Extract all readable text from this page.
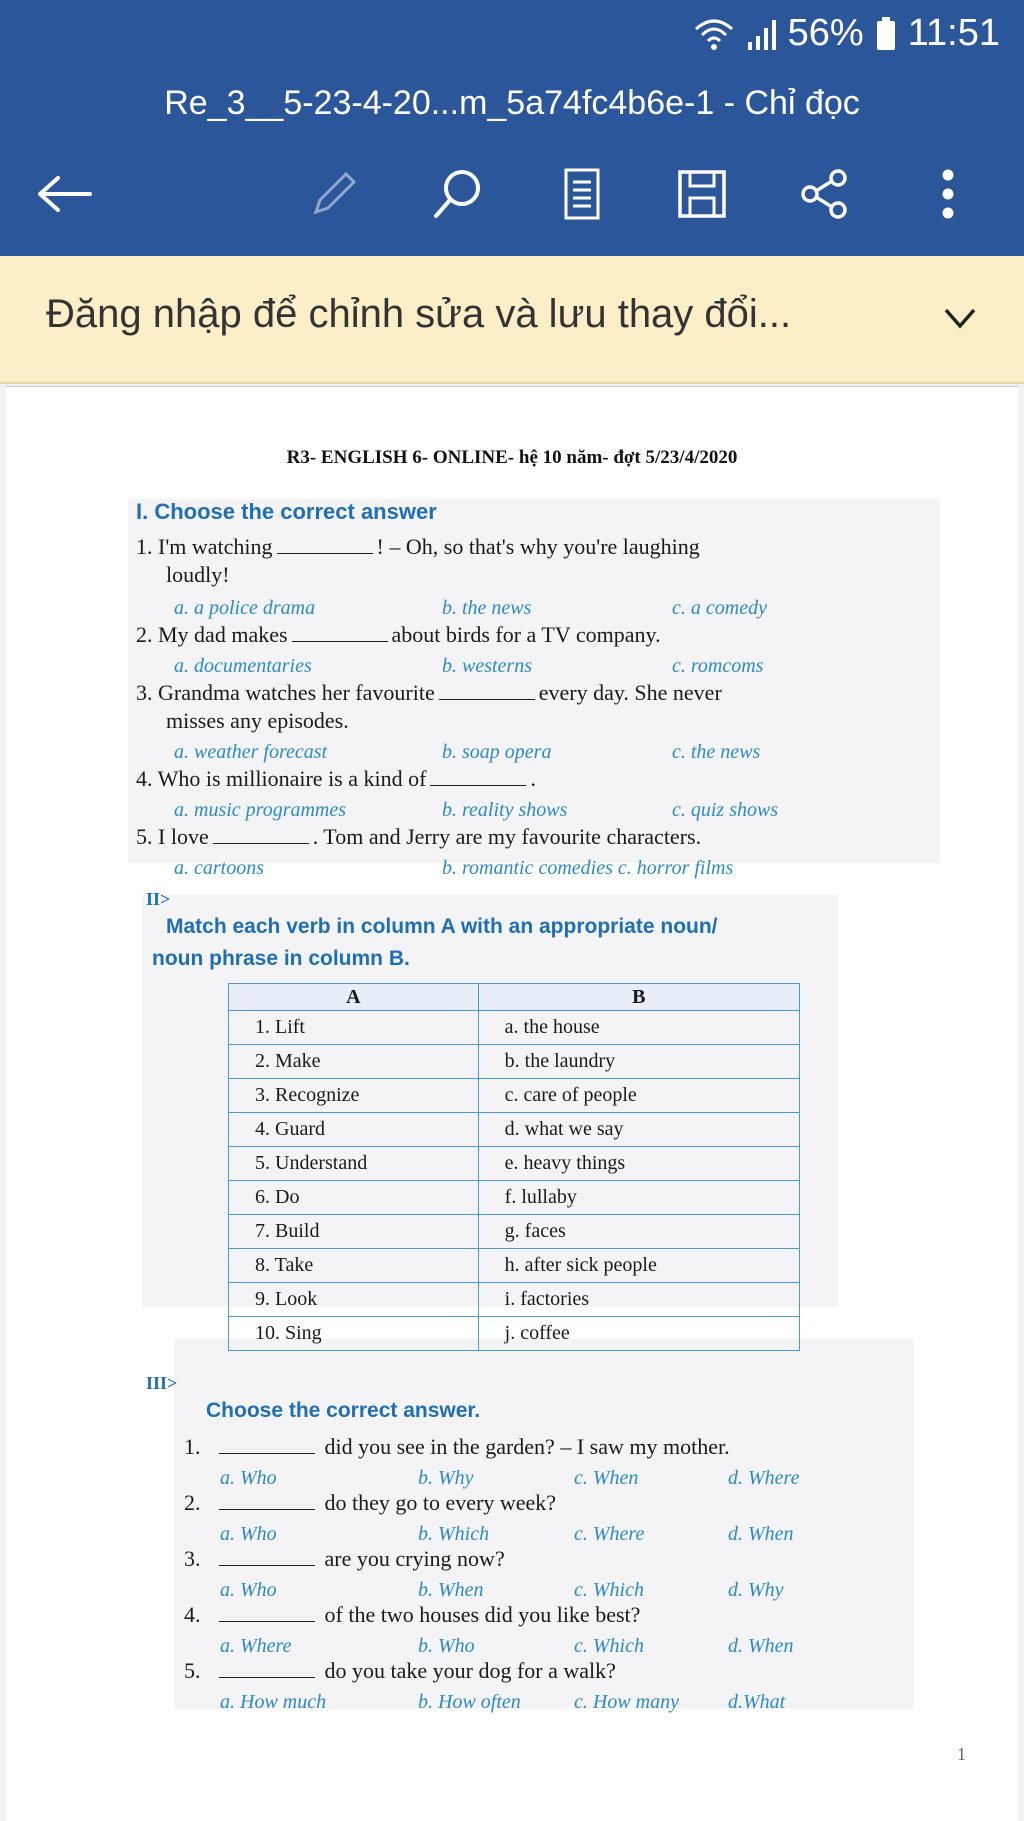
56% 11:51
Re_3__5-23-4-20...m_5a74fc4b6e-1 - Chỉ đọc
Đăng nhập để chỉnh sửa và lưu thay đổi...
R3- ENGLISH 6- ONLINE- hệ 10 năm- đợt 5/23/4/2020
I. Choose the correct answer
1. I'm watching	! – Oh, so that's why you're laughing
loudly!
a. a police drama	b. the news	c. a comedy
2. My dad makes	about birds for a TV company.
a. documentaries	b. westerns	c. romcoms
3. Grandma watches her favourite	every day. She never
misses any episodes.
a. weather forecast	b. soap opera	c. the news
4. Who is millionaire is a kind of	.
a. music programmes	b. reality shows	c. quiz shows
5. I love	. Tom and Jerry are my favourite characters.
a. cartoons	b. romantic comedies c. horror films
II>
Match each verb in column A with an appropriate noun/
noun phrase in column B.
A	B
1. Lift	a. the house
2. Make	b. the laundry
3. Recognize	c. care of people
4. Guard	d. what we say
5. Understand	e. heavy things
6. Do	f. lullaby
7. Build	g. faces
8. Take	h. after sick people
9. Look	i. factories
10. Sing	j. coffee
III>
Choose the correct answer.
1.	did you see in the garden? – I saw my mother.
a. Who	b. Why	c. When	d. Where
2.	do they go to every week?
a. Who	b. Which	c. Where	d. When
3.	are you crying now?
a. Who	b. When	c. Which	d. Why
4.	of the two houses did you like best?
a. Where	b. Who	c. Which	d. When
5.	do you take your dog for a walk?
a. How much	b. How often	c. How many d.What
1
